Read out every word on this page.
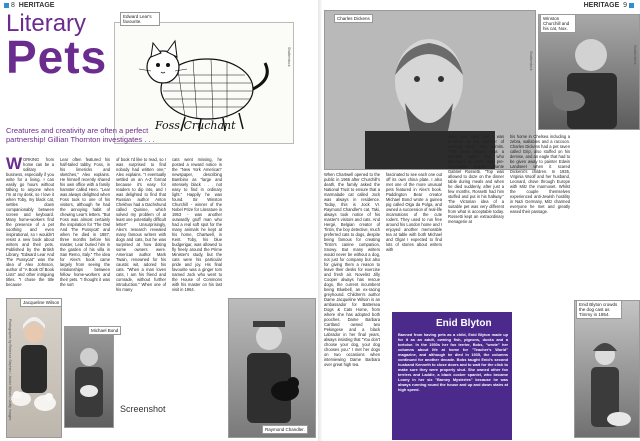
8 HERITAGE
Literary
Pets
Foss Cruchant
Shutterstock
Edward Lear's favourite.
Creatures and creativity are often a perfect partnership! Gillian Thornton investigates . . .
WORKING from home can be a solitary business, especially if you write for a living. I can easily go hours without talking to anyone when I'm at my desk, so I love it when Toby, my black cat, settles down companionably between screen and keyboard. Many home-workers find the presence of a pet soothing and even inspirational, so I wouldn't resist a new book about writers and their pets. Published by the British Library, "Edward Lear And The Pussycat" was the idea of Alex Johnson, author of "A Book Of Book Lists" and other intriguing titles. "I chose the title because
Lear often featured his half-tailed tabby, Foss, in his limericks and sketches," Alex explains. He himself recently shared his own office with a family hamster called Hero. "Lear was always delighted when Foss took to one of his visitors, although he had the annoying habit of chewing Lear's letters. "But Foss was almost certainly the inspiration for 'The Owl And The Pussycat' and when he died in 1887, three months before his master, Lear buried him in the garden of his villa in San Remo, Italy." The idea for Alex's book came largely from seeing the relationships between fellow home-workers and their pets. "I thought it was the sort
of book I'd like to read, so I was surprised to find nobody had written one," Alex explains. "I eventually settled on an A-Z format because it's easy for readers to dip into, and I was delighted to find that Russian author Anton Chekhov had a Dachshund called Quinine, which solved my problem of at least one potentially difficult letter!" Unsurprisingly, Alex's research revealed many famous writers with dogs and cats, but he was surprised at how doting some owners were. American author Mark Twain, renowned for his caustic wit, adored his cats. "When a man loves cats, I am his friend and comrade, without further introduction." When one of his many
cats went missing, he posted a reward notice in the "New York American" newspaper, describing Bambino as "large and intensely black . . . not easy to find in ordinary light." Happily he was found. Sir Winston Churchill - winner of the Nobel Prize for Literature in 1953 - was another outwardly gruff man who had a real soft spot for the many animals he kept at his home, Chartwell, in Kent. Toby, his blue budgerigar, was allowed to fly freely around the Prime Minister's study, but the cats were his particular pride and joy. His final favourite was a ginger tom named Jock who went to the House of Commons with his master on his last visit in 1964.
Photographs by Rebecca Stephen / Jackie Wilson / Getty Images
Jacqueline Wilson
Michael Bond
Screenshot
Raymond Chandler.
HERITAGE 9
Shutterstock
Charles Dickens
Shutterstock
Winston Churchill and his cat, Nox.
When Chartwell opened to the public in 1966 after Churchill's death, the family asked the National Trust to ensure that a marmalade cat called Jock was always in residence. Today, this is Jock VI. Raymond Chandler's cat, Taki, always took notice of his master's visitors and cats. And Hergé, Belgian creator of Tintin, the boy detective, much preferred cats to dogs, despite being famous for creating Tintin's canine companion, Snowy. But many writers would never be without a dog, not just for company but also for giving them a reason to leave their desks for exercise and fresh air. Novelist Jilly Cooper always has rescue dogs, the current incumbent being Bluebell, an ex-racing greyhound. Children's author Dame Jacqueline Wilson is an ambassador for Battersea Dogs & Cats Home, from where she has adopted both pooches. Dame Barbara Cartland owned two Pekingese and a black Labrador in her final years, always insisting that "You don't choose your dog, your dog chooses you." I met her dogs on two occasions when interviewing Dame Barbara over great high tea.
fascinated to see each one out off its own china plate. I also met one of the more unusual pets featured in Alex's book. Paddington Bear creator Michael Bond wrote a guinea pig called Olga da Polga, and owned a succession of real-life incarnations of the cute rodent. They used to run free around his London home and I enjoyed another memorable tea at table with both Michael and Olga! I expected to find lots of stories about writers with
dogs and cats, but I was amazed at the number of unusual pets," Alex admits. "The most bizarre was a wombat called Top who belonged to poet and pre-Raphaelite painter Dante Gabriel Rossetti. "Top was allowed to doze on the dinner table during meals and when he died suddenly, after just a few months, Rossetti had him stuffed and put in his hallway." The Victorian idea of a suitable pet was very different from what is acceptable today. Rossetti kept an extraordinary menagerie at
his home in Chelsea including a zebra, wallabies and a raccoon. Charles Dickens had a pet raven called Grip, also stuffed on his demise, and an eagle that had to be given away to painter Edwin Landseer when it scared Dickens's children. In 1935, Virginia Woolf and her husband, Leonard, drove through Europe with Mitz the marmoset. Whilst the couple themselves experienced anti-Jewish hostility in Nazi Germany, Mitz charmed everyone he met and greatly eased their passage.
Enid Blyton crowds the dog cast as Timmy in 1954.
Enid Blyton
Banned from having pets as a child, Enid Blyton made up for it as an adult, owning fish, pigeons, ducks and a tortoise. In the 1930s her fox terrier, Bobs, "wrote" her columns about life at home for "Teacher's World" magazine, and although he died in 1935, the columns continued for another decade. Bobs taught Enid's second husband Kenneth to close doors and to wait for the click to make sure they were properly shut. She owned other fox terriers and Laddie, a black cocker spaniel, who became Loony in her six "Barney Mysteries" because he was always running round the house and up and down stairs at high speed.
